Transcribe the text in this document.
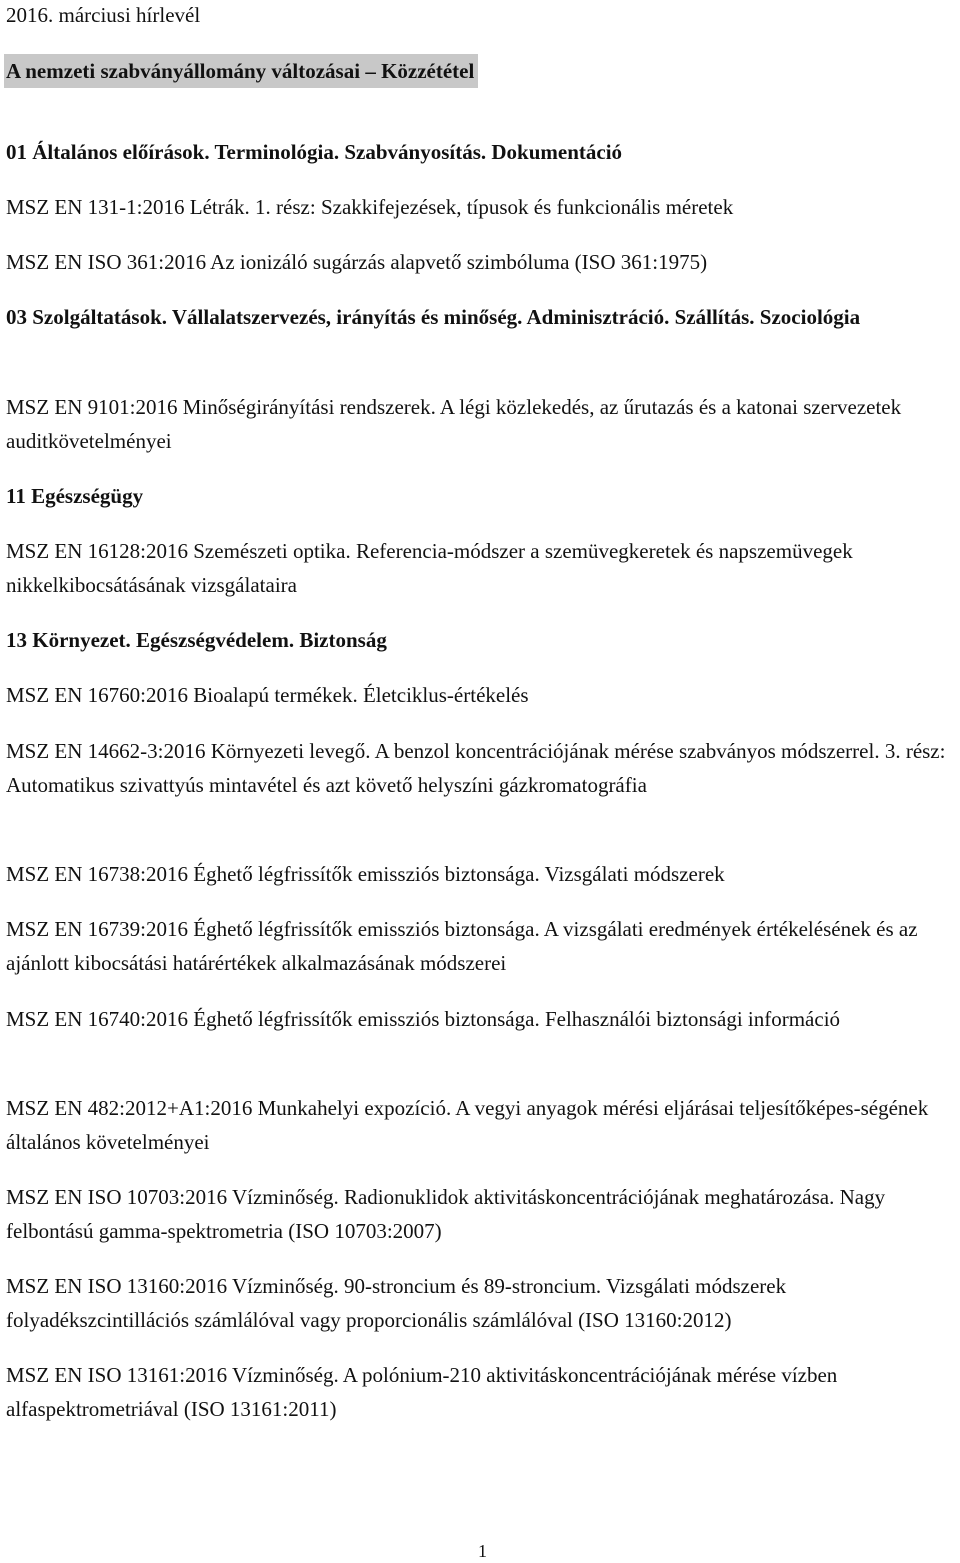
2016. márciusi hírlevél
A nemzeti szabványállomány változásai – Közzététel
01 Általános előírások. Terminológia. Szabványosítás. Dokumentáció

MSZ EN 131-1:2016 Létrák. 1. rész: Szakkifejezések, típusok és funkcionális méretek

MSZ EN ISO 361:2016 Az ionizáló sugárzás alapvető szimbóluma (ISO 361:1975)

03 Szolgáltatások. Vállalatszervezés, irányítás és minőség. Adminisztráció. Szállítás. Szociológia

MSZ EN 9101:2016 Minőségirányítási rendszerek. A légi közlekedés, az űrutazás és a katonai szervezetek auditkövetelményei

11 Egészségügy

MSZ EN 16128:2016 Szemészeti optika. Referencia-módszer a szemüvegkeretek és napszemüvegek nikkelkibocsátásának vizsgálataira

13 Környezet. Egészségvédelem. Biztonság

MSZ EN 16760:2016 Bioalapú termékek. Életciklus-értékelés

MSZ EN 14662-3:2016 Környezeti levegő. A benzol koncentrációjának mérése szabványos módszerrel. 3. rész: Automatikus szivattyús mintavétel és azt követő helyszíni gázkromatográfia

MSZ EN 16738:2016 Éghető légfrissítők emissziós biztonsága. Vizsgálati módszerek

MSZ EN 16739:2016 Éghető légfrissítők emissziós biztonsága. A vizsgálati eredmények értékelésének és az ajánlott kibocsátási határértékek alkalmazásának módszerei

MSZ EN 16740:2016 Éghető légfrissítők emissziós biztonsága. Felhasználói biztonsági információ

MSZ EN 482:2012+A1:2016 Munkahelyi expozíció. A vegyi anyagok mérési eljárásai teljesítőképes-ségének általános követelményei

MSZ EN ISO 10703:2016 Vízminőség. Radionuklidok aktivitáskoncentrációjának meghatározása. Nagy felbontású gamma-spektrometria (ISO 10703:2007)

MSZ EN ISO 13160:2016 Vízminőség. 90-stroncium és 89-stroncium. Vizsgálati módszerek folyadékszcintillációs számlálóval vagy proporcionális számlálóval (ISO 13160:2012)

MSZ EN ISO 13161:2016 Vízminőség. A polónium-210 aktivitáskoncentrációjának mérése vízben alfaspektrometriával (ISO 13161:2011)

1
